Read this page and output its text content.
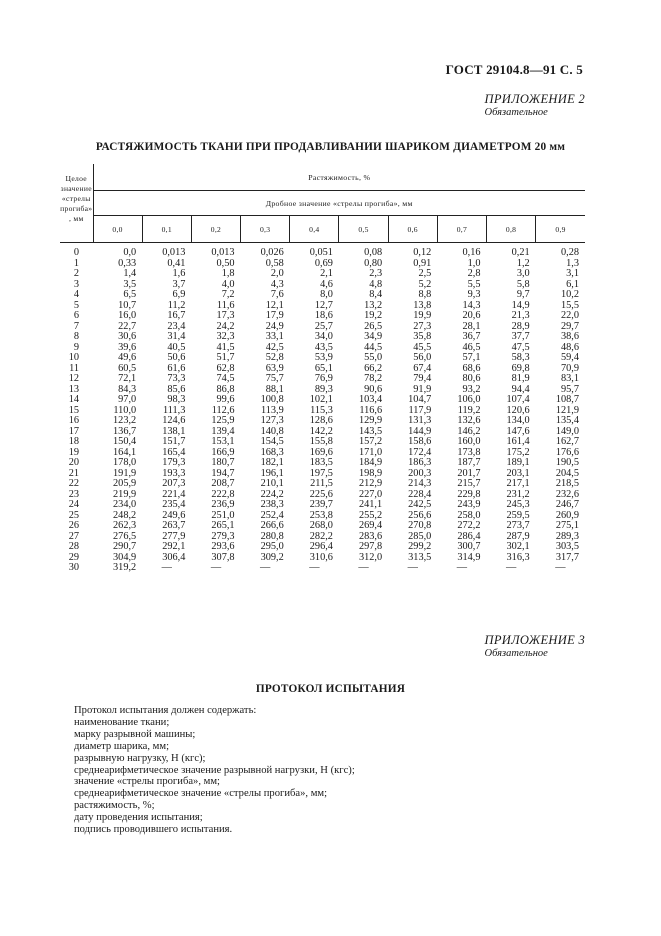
ГОСТ 29104.8—91 С. 5
ПРИЛОЖЕНИЕ 2
Обязательное
РАСТЯЖИМОСТЬ ТКАНИ ПРИ ПРОДАВЛИВАНИИ ШАРИКОМ ДИАМЕТРОМ 20 мм
Целое значение «стрелы прогиба», мм	Растяжимость, %									
	Дробное значение «стрелы прогиба», мм									
	0,0	0,1	0,2	0,3	0,4	0,5	0,6	0,7	0,8	0,9
0	0,0	0,013	0,013	0,026	0,051	0,08	0,12	0,16	0,21	0,28
1	0,33	0,41	0,50	0,58	0,69	0,80	0,91	1,0	1,2	1,3
2	1,4	1,6	1,8	2,0	2,1	2,3	2,5	2,8	3,0	3,1
3	3,5	3,7	4,0	4,3	4,6	4,8	5,2	5,5	5,8	6,1
4	6,5	6,9	7,2	7,6	8,0	8,4	8,8	9,3	9,7	10,2
5	10,7	11,2	11,6	12,1	12,7	13,2	13,8	14,3	14,9	15,5
6	16,0	16,7	17,3	17,9	18,6	19,2	19,9	20,6	21,3	22,0
7	22,7	23,4	24,2	24,9	25,7	26,5	27,3	28,1	28,9	29,7
8	30,6	31,4	32,3	33,1	34,0	34,9	35,8	36,7	37,7	38,6
9	39,6	40,5	41,5	42,5	43,5	44,5	45,5	46,5	47,5	48,6
10	49,6	50,6	51,7	52,8	53,9	55,0	56,0	57,1	58,3	59,4
11	60,5	61,6	62,8	63,9	65,1	66,2	67,4	68,6	69,8	70,9
12	72,1	73,3	74,5	75,7	76,9	78,2	79,4	80,6	81,9	83,1
13	84,3	85,6	86,8	88,1	89,3	90,6	91,9	93,2	94,4	95,7
14	97,0	98,3	99,6	100,8	102,1	103,4	104,7	106,0	107,4	108,7
15	110,0	111,3	112,6	113,9	115,3	116,6	117,9	119,2	120,6	121,9
16	123,2	124,6	125,9	127,3	128,6	129,9	131,3	132,6	134,0	135,4
17	136,7	138,1	139,4	140,8	142,2	143,5	144,9	146,2	147,6	149,0
18	150,4	151,7	153,1	154,5	155,8	157,2	158,6	160,0	161,4	162,7
19	164,1	165,4	166,9	168,3	169,6	171,0	172,4	173,8	175,2	176,6
20	178,0	179,3	180,7	182,1	183,5	184,9	186,3	187,7	189,1	190,5
21	191,9	193,3	194,7	196,1	197,5	198,9	200,3	201,7	203,1	204,5
22	205,9	207,3	208,7	210,1	211,5	212,9	214,3	215,7	217,1	218,5
23	219,9	221,4	222,8	224,2	225,6	227,0	228,4	229,8	231,2	232,6
24	234,0	235,4	236,9	238,3	239,7	241,1	242,5	243,9	245,3	246,7
25	248,2	249,6	251,0	252,4	253,8	255,2	256,6	258,0	259,5	260,9
26	262,3	263,7	265,1	266,6	268,0	269,4	270,8	272,2	273,7	275,1
27	276,5	277,9	279,3	280,8	282,2	283,6	285,0	286,4	287,9	289,3
28	290,7	292,1	293,6	295,0	296,4	297,8	299,2	300,7	302,1	303,5
29	304,9	306,4	307,8	309,2	310,6	312,0	313,5	314,9	316,3	317,7
30	319,2	—	—	—	—	—	—	—	—	—
ПРИЛОЖЕНИЕ 3
Обязательное
ПРОТОКОЛ ИСПЫТАНИЯ
Протокол испытания должен содержать:
наименование ткани;
марку разрывной машины;
диаметр шарика, мм;
разрывную нагрузку, Н (кгс);
среднеарифметическое значение разрывной нагрузки, Н (кгс);
значение «стрелы прогиба», мм;
среднеарифметическое значение «стрелы прогиба», мм;
растяжимость, %;
дату проведения испытания;
подпись проводившего испытания.
